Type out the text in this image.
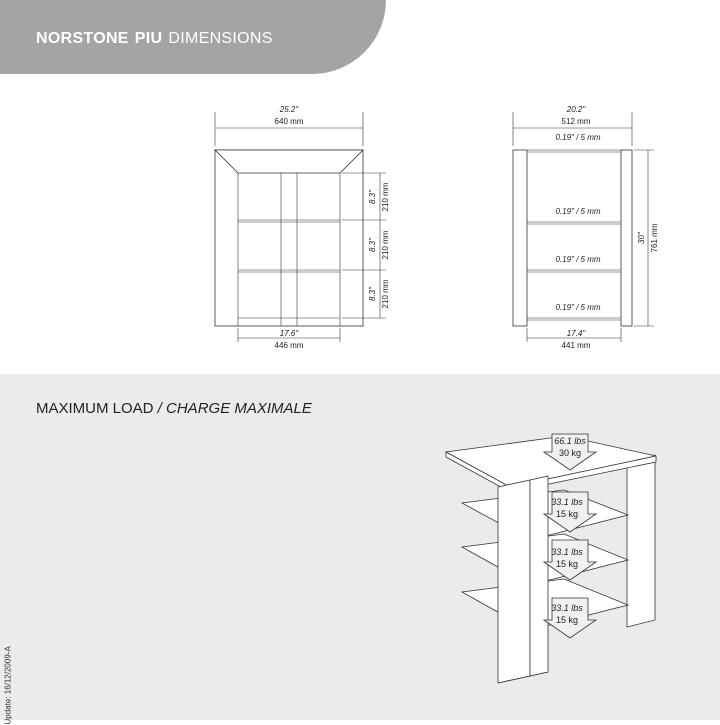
NORSTONE PIU DIMENSIONS
MAXIMUM LOAD / CHARGE MAXIMALE
Update: 16/12/2009-A
25.2"
640 mm
8.3" 210 mm
8.3" 210 mm
8.3" 210 mm
17.6"
446 mm
20.2"
512 mm
0.19" / 5 mm
0.19" / 5 mm
0.19" / 5 mm
0.19" / 5 mm
30" 761 mm
17.4"
441 mm
66.1 lbs
30 kg
33.1 lbs
15 kg
33.1 lbs
15 kg
33.1 lbs
15 kg
